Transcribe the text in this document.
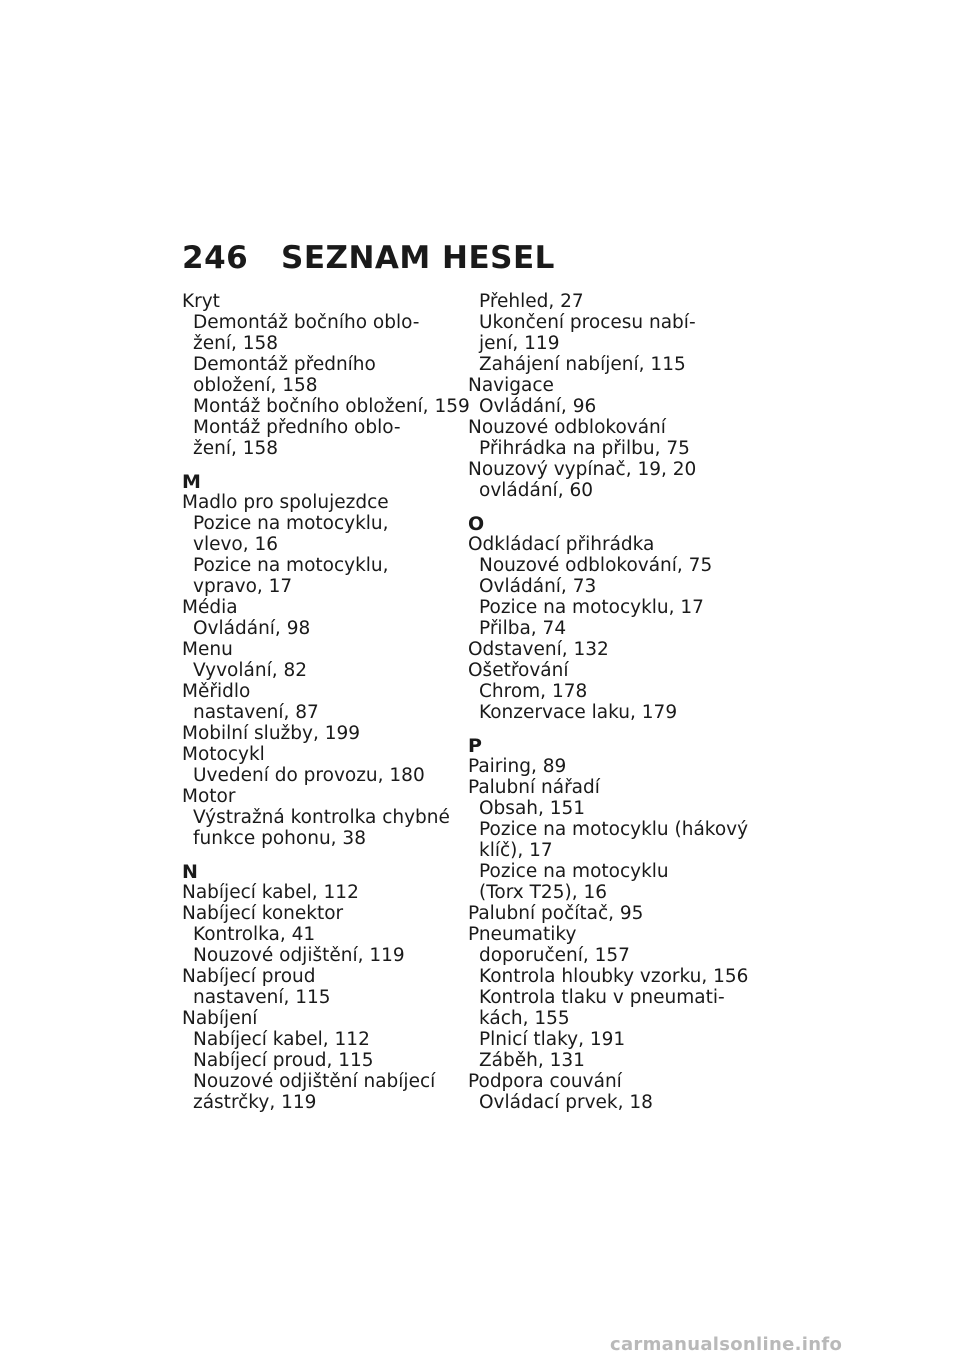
246 SEZNAM HESEL
Kryt
Demontáž bočního oblo-
žení, 158
Demontáž předního
obložení, 158
Montáž bočního obložení, 159
Montáž předního oblo-
žení, 158
M
Madlo pro spolujezdce
Pozice na motocyklu,
vlevo, 16
Pozice na motocyklu,
vpravo, 17
Média
Ovládání, 98
Menu
Vyvolání, 82
Měřidlo
nastavení, 87
Mobilní služby, 199
Motocykl
Uvedení do provozu, 180
Motor
Výstražná kontrolka chybné
funkce pohonu, 38
N
Nabíjecí kabel, 112
Nabíjecí konektor
Kontrolka, 41
Nouzové odjištění, 119
Nabíjecí proud
nastavení, 115
Nabíjení
Nabíjecí kabel, 112
Nabíjecí proud, 115
Nouzové odjištění nabíjecí
zástrčky, 119
Přehled, 27
Ukončení procesu nabí-
jení, 119
Zahájení nabíjení, 115
Navigace
Ovládání, 96
Nouzové odblokování
Přihrádka na přilbu, 75
Nouzový vypínač, 19, 20
ovládání, 60
O
Odkládací přihrádka
Nouzové odblokování, 75
Ovládání, 73
Pozice na motocyklu, 17
Přilba, 74
Odstavení, 132
Ošetřování
Chrom, 178
Konzervace laku, 179
P
Pairing, 89
Palubní nářadí
Obsah, 151
Pozice na motocyklu (hákový
klíč), 17
Pozice na motocyklu
(Torx T25), 16
Palubní počítač, 95
Pneumatiky
doporučení, 157
Kontrola hloubky vzorku, 156
Kontrola tlaku v pneumati-
kách, 155
Plnicí tlaky, 191
Záběh, 131
Podpora couvání
Ovládací prvek, 18
carmanualsonline.info
